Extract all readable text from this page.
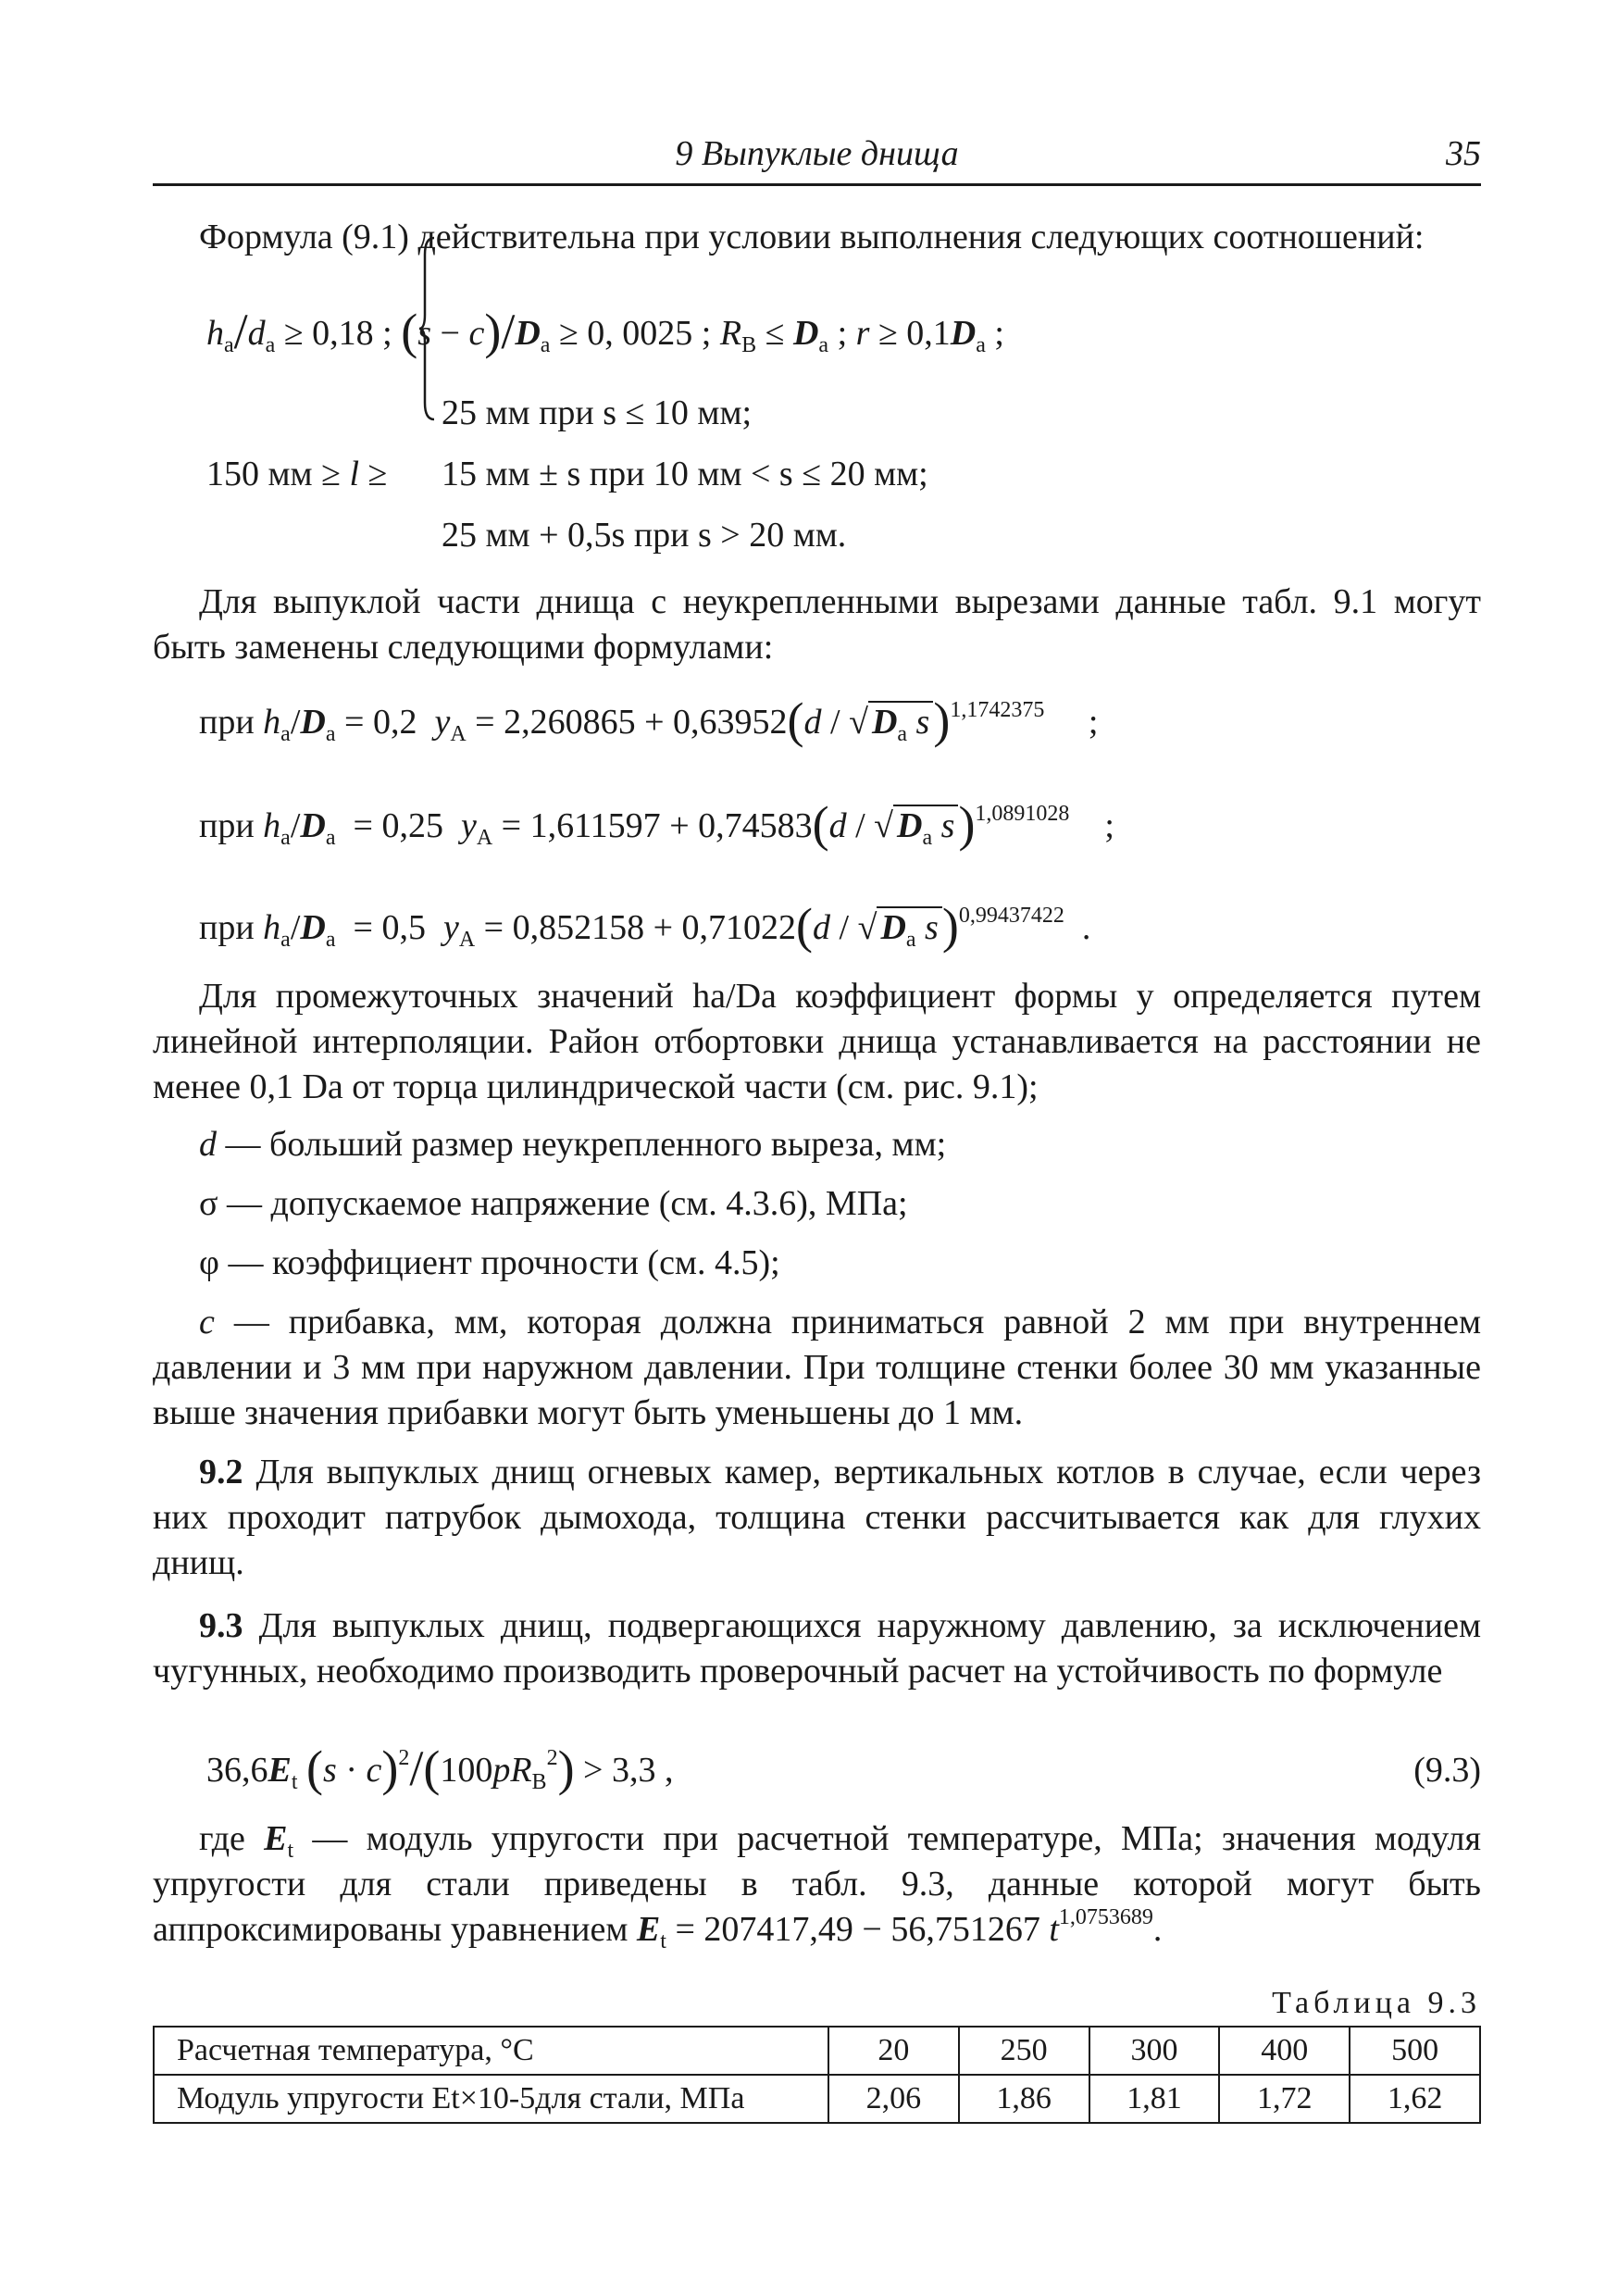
9 Выпуклые днища	35
Формула (9.1) действительна при условии выполнения следующих соотношений:
$h_a/d_a \ge 0,18$ ; $(s - c)/D_a \ge 0$, 0025 ; $R_B \le D_a$ ; $r \ge 0,1D_a$ ;
150 мм ≥ l ≥
25 мм при s ≤ 10 мм;
15 мм ± s при 10 мм < s ≤ 20 мм;
25 мм + 0,5s при s > 20 мм.
Для выпуклой части днища с неукрепленными вырезами данные табл. 9.1 могут быть заменены следующими формулами:
при $h_a/D_a = 0,2$ $y_A = 2,260865 + 0,63952(d$ / √ $D_a$ s)$^{1,1742375}$ ;
при $h_a/D_a = 0,25$ $y_A = 1,611597 + 0,74583(d$ / √ $D_a$ s)$^{1,0891028}$ ;
при $h_a/D_a = 0,5$ $y_A = 0,852158 + 0,71022(d$ / √ $D_a$ s)$^{0,99437422}$ .
Для промежуточных значений ha/Da коэффициент формы y определяется путем линейной интерполяции. Район отбортовки днища устанавливается на расстоянии не менее 0,1 Da от торца цилиндрической части (см. рис. 9.1);
d — больший размер неукрепленного выреза, мм;
σ — допускаемое напряжение (см. 4.3.6), МПа;
φ — коэффициент прочности (см. 4.5);
c — прибавка, мм, которая должна приниматься равной 2 мм при внутреннем давлении и 3 мм при наружном давлении. При толщине стенки более 30 мм указанные выше значения прибавки могут быть уменьшены до 1 мм.
9.2 Для выпуклых днищ огневых камер, вертикальных котлов в случае, если через них проходит патрубок дымохода, толщина стенки рассчитывается как для глухих днищ.
9.3 Для выпуклых днищ, подвергающихся наружному давлению, за исключением чугунных, необходимо производить проверочный расчет на устойчивость по формуле
$36,6E_t$ $(s \cdot c)^2/(100pR_B^2) > 3,3$ ,	(9.3)
где $E_t$ — модуль упругости при расчетной температуре, МПа; значения модуля упругости для стали приведены в табл. 9.3, данные которой могут быть аппроксимированы уравнением $E_t = 207417,49 - 56,751267$ $t^{1,0753689}$.
Таблица 9.3
Расчетная температура, °С	20	250	300	400	500
Модуль упругости Et×10-5для стали, МПа	2,06	1,86	1,81	1,72	1,62
